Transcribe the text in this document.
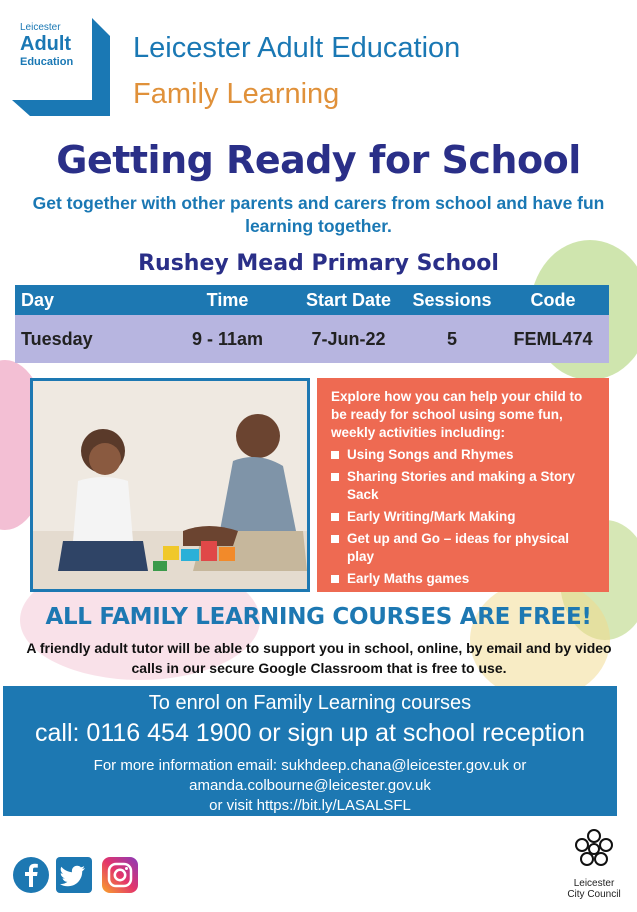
Leicester
Adult
Education Leicester Adult Education
Family Learning
Getting Ready for School
Get together with other parents and carers from school and have fun learning together.
Rushey Mead Primary School
Day	Time	Start Date	Sessions	Code
Tuesday	9 - 11am	7-Jun-22	5	FEML474
Explore how you can help your child to be ready for school using some fun, weekly activities including:
Using Songs and Rhymes
Sharing Stories and making a Story Sack
Early Writing/Mark Making
Get up and Go – ideas for physical play
Early Maths games
ALL FAMILY LEARNING COURSES ARE FREE!
A friendly adult tutor will be able to support you in school, online, by email and by video calls in our secure Google Classroom that is free to use.
To enrol on Family Learning courses
call: 0116 454 1900 or sign up at school reception
For more information email: sukhdeep.chana@leicester.gov.uk or
amanda.colbourne@leicester.gov.uk
or visit https://bit.ly/LASALSFL
Leicester
City Council
